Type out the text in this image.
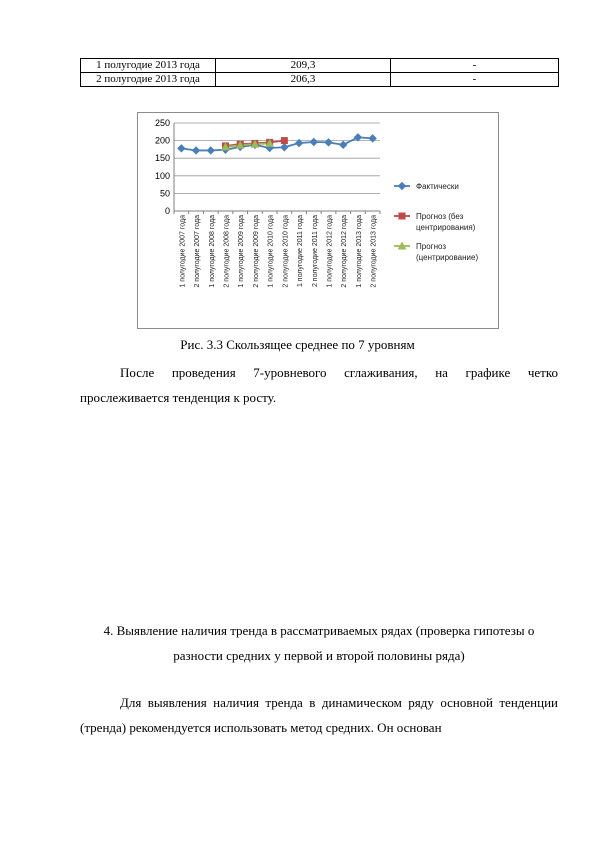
1 полугодие 2013 года	209,3	-
2 полугодие 2013 года	206,3	-
0
50
100
150
200
250
1 полугодие 2007 года 2 полугодие 2007 года 1 полугодие 2008 года 2 полугодие 2008 года 1 полугодие 2009 года 2 полугодие 2009 года 1 полугодие 2010 года 2 полугодие 2010 года 1 полугодие 2011 года 2 полугодие 2011 года 1 полугодие 2012 года 2 полугодие 2012 года 1 полугодие 2013 года 2 полугодие 2013 года
Фактически
Прогноз (без центрирования)
Прогноз (центрирование)
Рис. 3.3 Скользящее среднее по 7 уровням
После проведения 7-уровневого сглаживания, на графике четко прослеживается тенденция к росту.
4. Выявление наличия тренда в рассматриваемых рядах (проверка гипотезы о разности средних у первой и второй половины ряда)
Для выявления наличия тренда в динамическом ряду основной тенденции (тренда) рекомендуется использовать метод средних. Он основан
